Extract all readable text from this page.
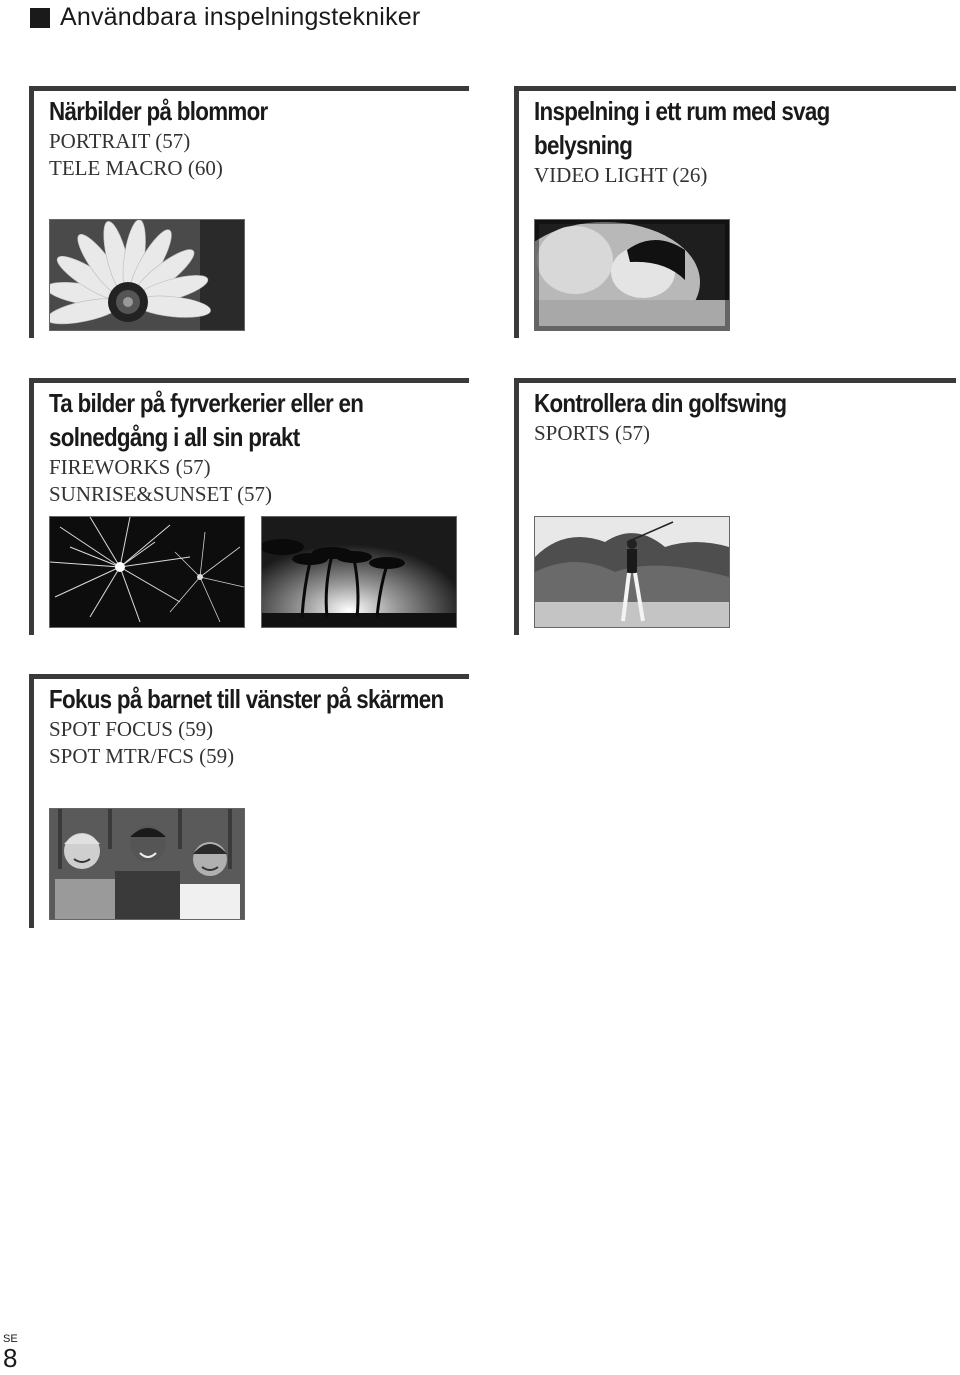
Användbara inspelningstekniker
Närbilder på blommor
PORTRAIT (57)
TELE MACRO (60)
Inspelning i ett rum med svag
belysning
VIDEO LIGHT (26)
Ta bilder på fyrverkerier eller en
solnedgång i all sin prakt
FIREWORKS (57)
SUNRISE&SUNSET (57)
Kontrollera din golfswing
SPORTS (57)
Fokus på barnet till vänster på skärmen
SPOT FOCUS (59)
SPOT MTR/FCS (59)
SE
8
